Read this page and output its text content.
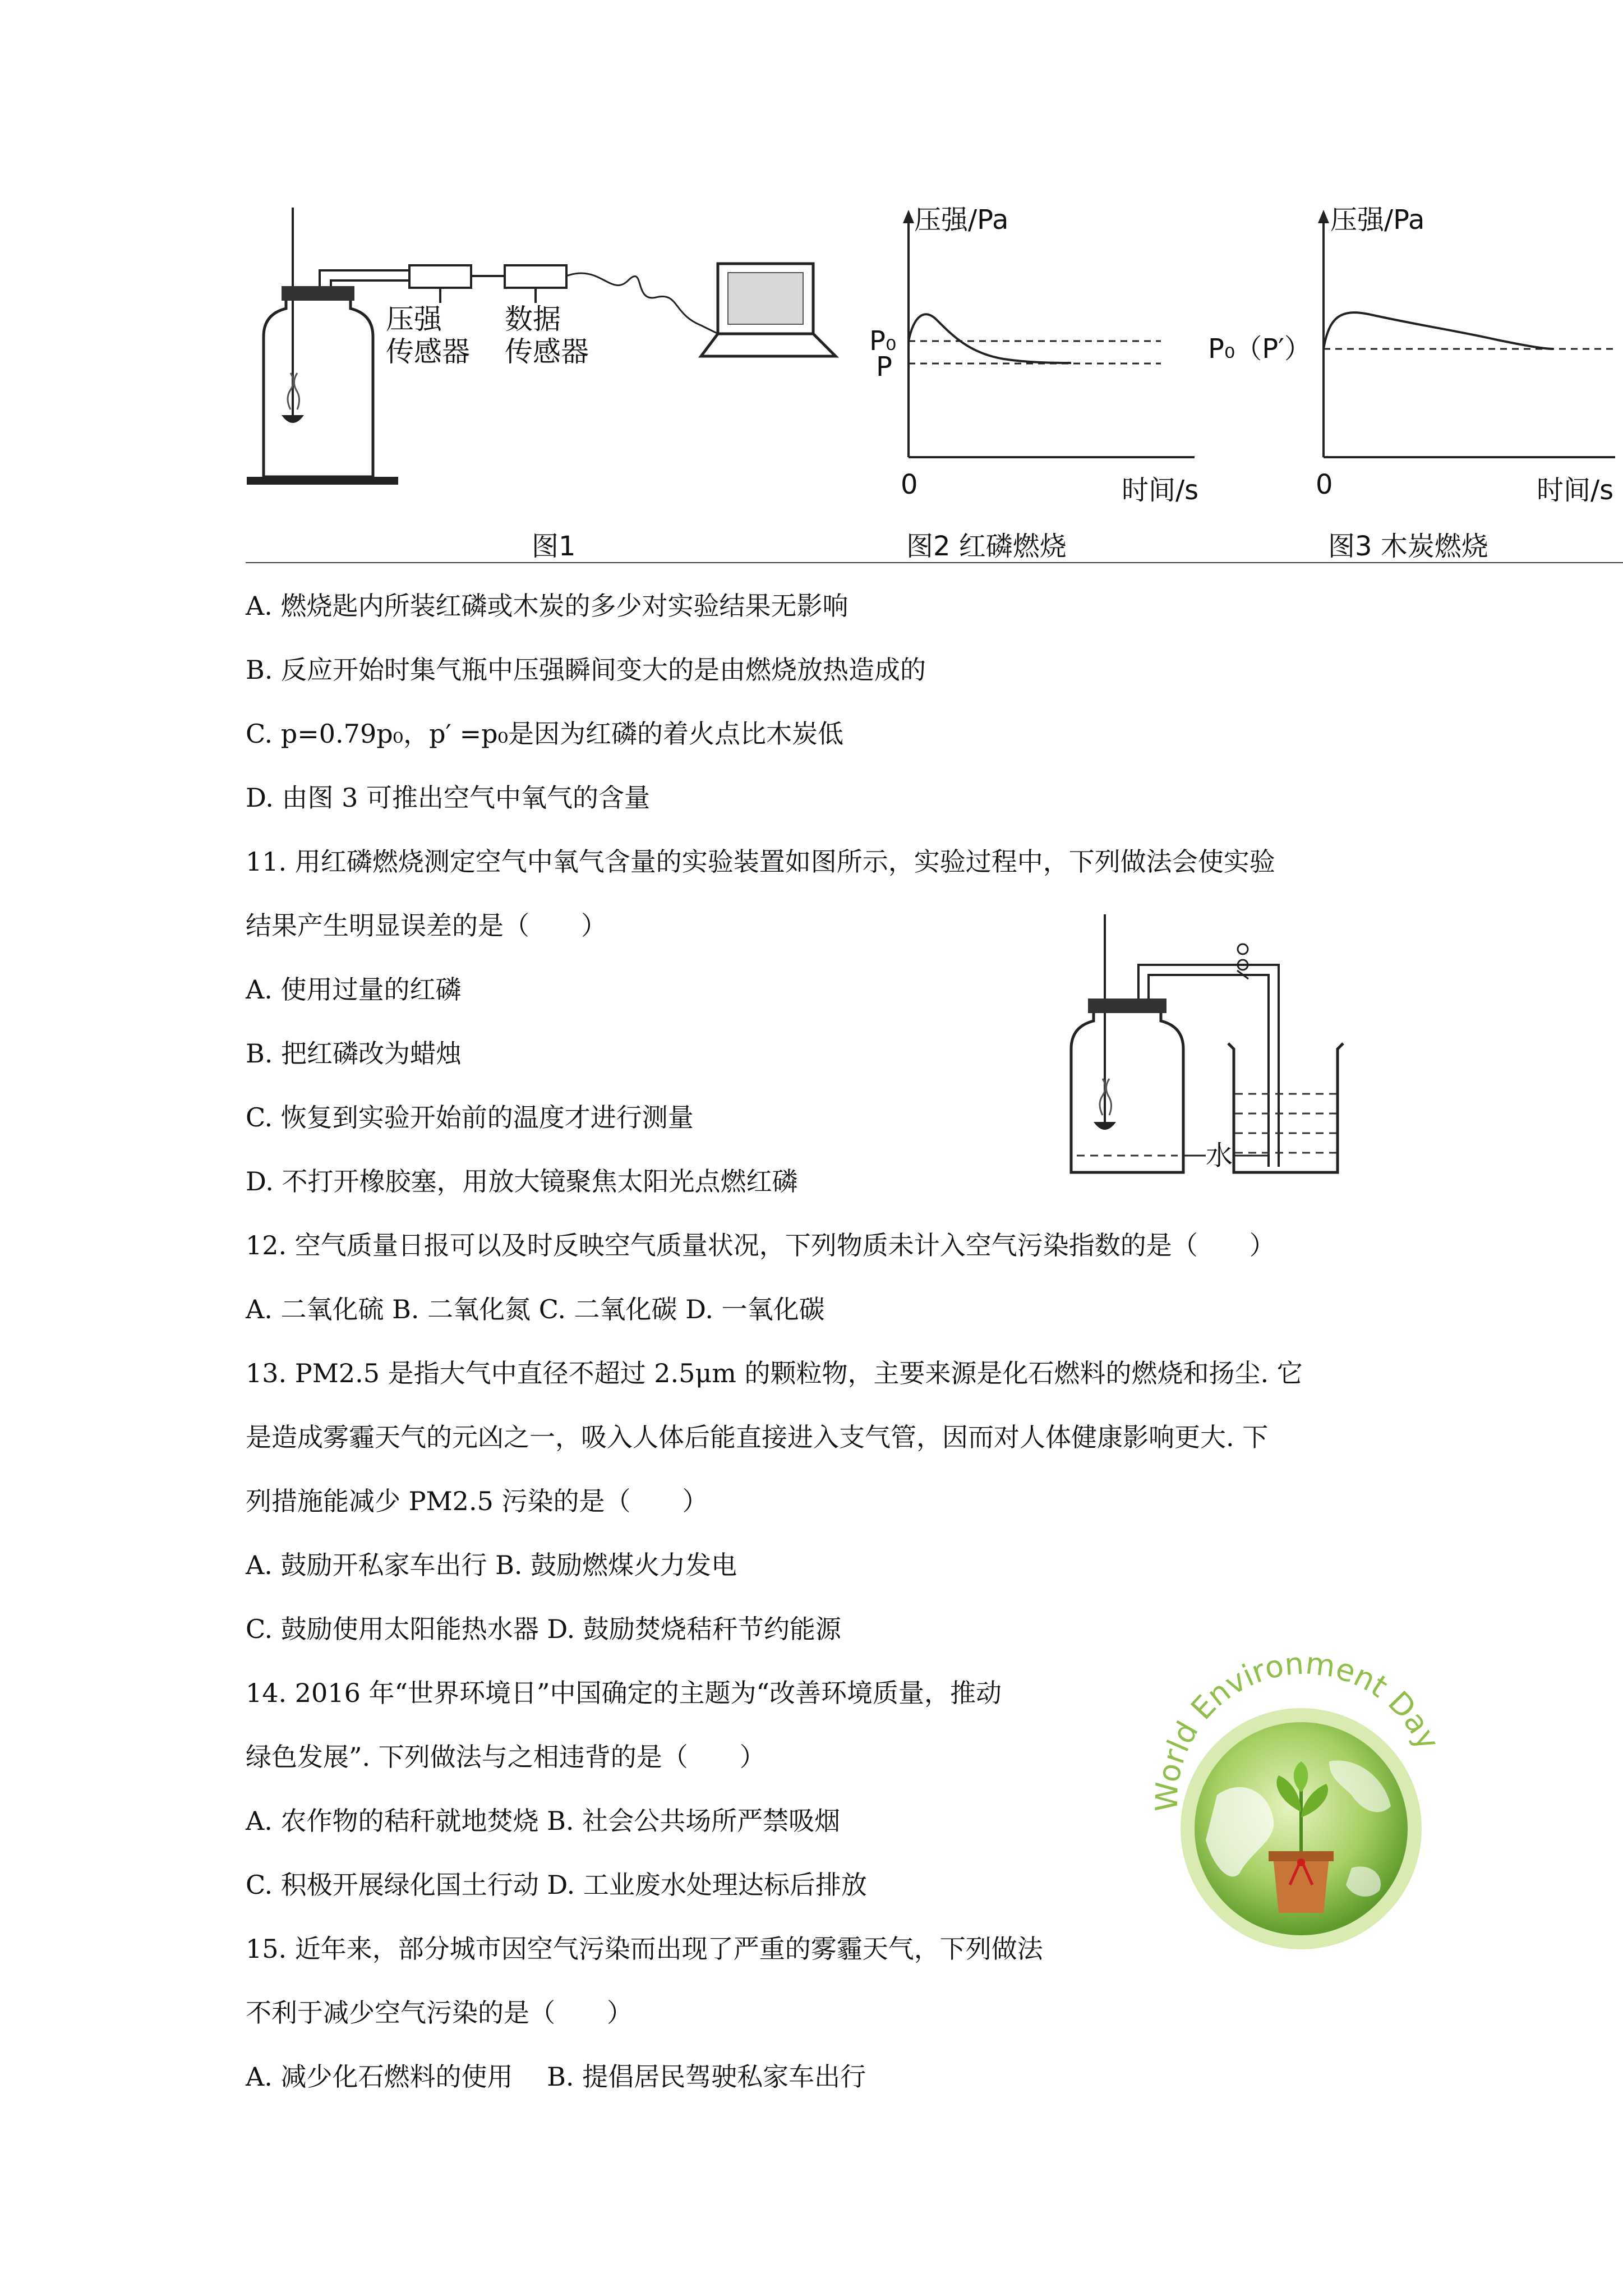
压强
传感器
数据
传感器
图1
压强/Pa
P₀
P
0	时间/s
图2 红磷燃烧
压强/Pa
P₀（P′）
0	时间/s
图3 木炭燃烧
A. 燃烧匙内所装红磷或木炭的多少对实验结果无影响
B. 反应开始时集气瓶中压强瞬间变大的是由燃烧放热造成的
C. p=0.79p₀，p′ =p₀是因为红磷的着火点比木炭低
D. 由图 3 可推出空气中氧气的含量
11. 用红磷燃烧测定空气中氧气含量的实验装置如图所示，实验过程中，下列做法会使实验
结果产生明显误差的是（　　）
A. 使用过量的红磷
B. 把红磷改为蜡烛
C. 恢复到实验开始前的温度才进行测量
D. 不打开橡胶塞，用放大镜聚焦太阳光点燃红磷
水
12. 空气质量日报可以及时反映空气质量状况，下列物质未计入空气污染指数的是（　　）
A. 二氧化硫 B. 二氧化氮 C. 二氧化碳 D. 一氧化碳
13. PM2.5 是指大气中直径不超过 2.5μm 的颗粒物，主要来源是化石燃料的燃烧和扬尘. 它
是造成雾霾天气的元凶之一，吸入人体后能直接进入支气管，因而对人体健康影响更大. 下
列措施能减少 PM2.5 污染的是（　　）
A. 鼓励开私家车出行 B. 鼓励燃煤火力发电
C. 鼓励使用太阳能热水器 D. 鼓励焚烧秸秆节约能源
14. 2016 年“世界环境日”中国确定的主题为“改善环境质量，推动
绿色发展”. 下列做法与之相违背的是（　　）
A. 农作物的秸秆就地焚烧 B. 社会公共场所严禁吸烟
C. 积极开展绿化国土行动 D. 工业废水处理达标后排放
World Environment Day
15. 近年来，部分城市因空气污染而出现了严重的雾霾天气，下列做法
不利于减少空气污染的是（　　）
A. 减少化石燃料的使用　 B. 提倡居民驾驶私家车出行
